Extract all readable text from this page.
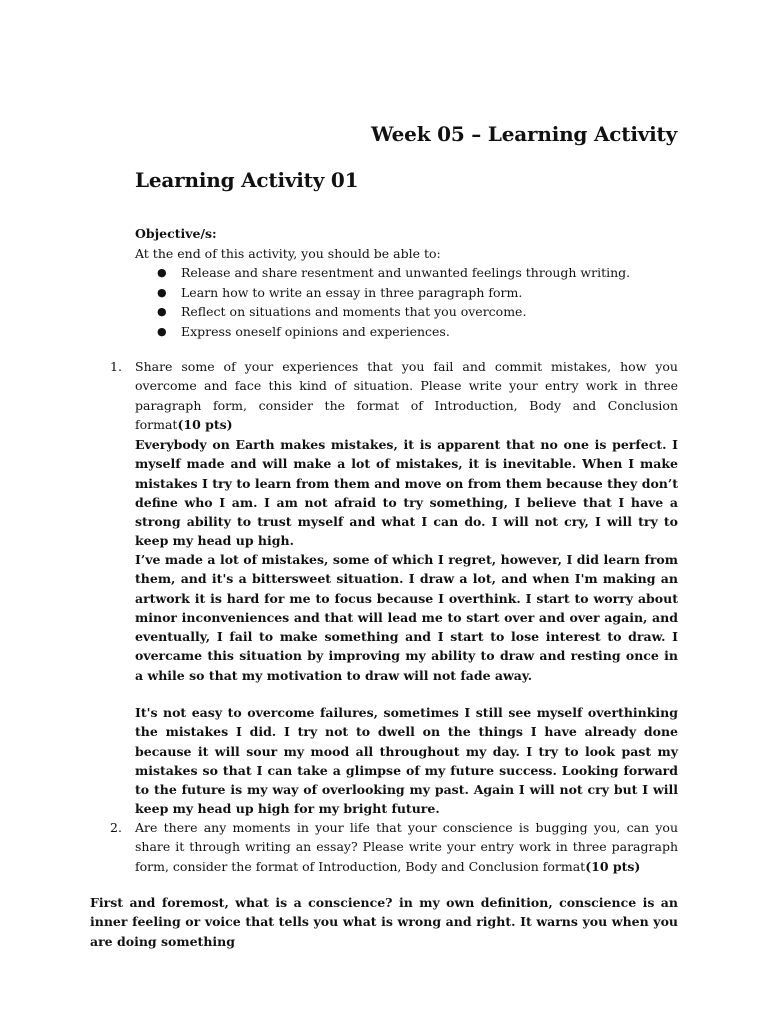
Week 05 – Learning Activity
Learning Activity 01
Objective/s:
At the end of this activity, you should be able to:
● Release and share resentment and unwanted feelings through writing.
● Learn how to write an essay in three paragraph form.
● Reflect on situations and moments that you overcome.
● Express oneself opinions and experiences.
1. Share some of your experiences that you fail and commit mistakes, how you overcome and face this kind of situation. Please write your entry work in three paragraph form, consider the format of Introduction, Body and Conclusion format(10 pts)

Everybody on Earth makes mistakes, it is apparent that no one is perfect. I myself made and will make a lot of mistakes, it is inevitable. When I make mistakes I try to learn from them and move on from them because they don’t define who I am. I am not afraid to try something, I believe that I have a strong ability to trust myself and what I can do. I will not cry, I will try to keep my head up high.

I’ve made a lot of mistakes, some of which I regret, however, I did learn from them, and it's a bittersweet situation. I draw a lot, and when I'm making an artwork it is hard for me to focus because I overthink. I start to worry about minor inconveniences and that will lead me to start over and over again, and eventually, I fail to make something and I start to lose interest to draw. I overcame this situation by improving my ability to draw and resting once in a while so that my motivation to draw will not fade away.

It's not easy to overcome failures, sometimes I still see myself overthinking the mistakes I did. I try not to dwell on the things I have already done because it will sour my mood all throughout my day. I try to look past my mistakes so that I can take a glimpse of my future success. Looking forward to the future is my way of overlooking my past. Again I will not cry but I will keep my head up high for my bright future.

2. Are there any moments in your life that your conscience is bugging you, can you share it through writing an essay? Please write your entry work in three paragraph form, consider the format of Introduction, Body and Conclusion format(10 pts)

First and foremost, what is a conscience? in my own definition, conscience is an inner feeling or voice that tells you what is wrong and right. It warns you when you are doing something
